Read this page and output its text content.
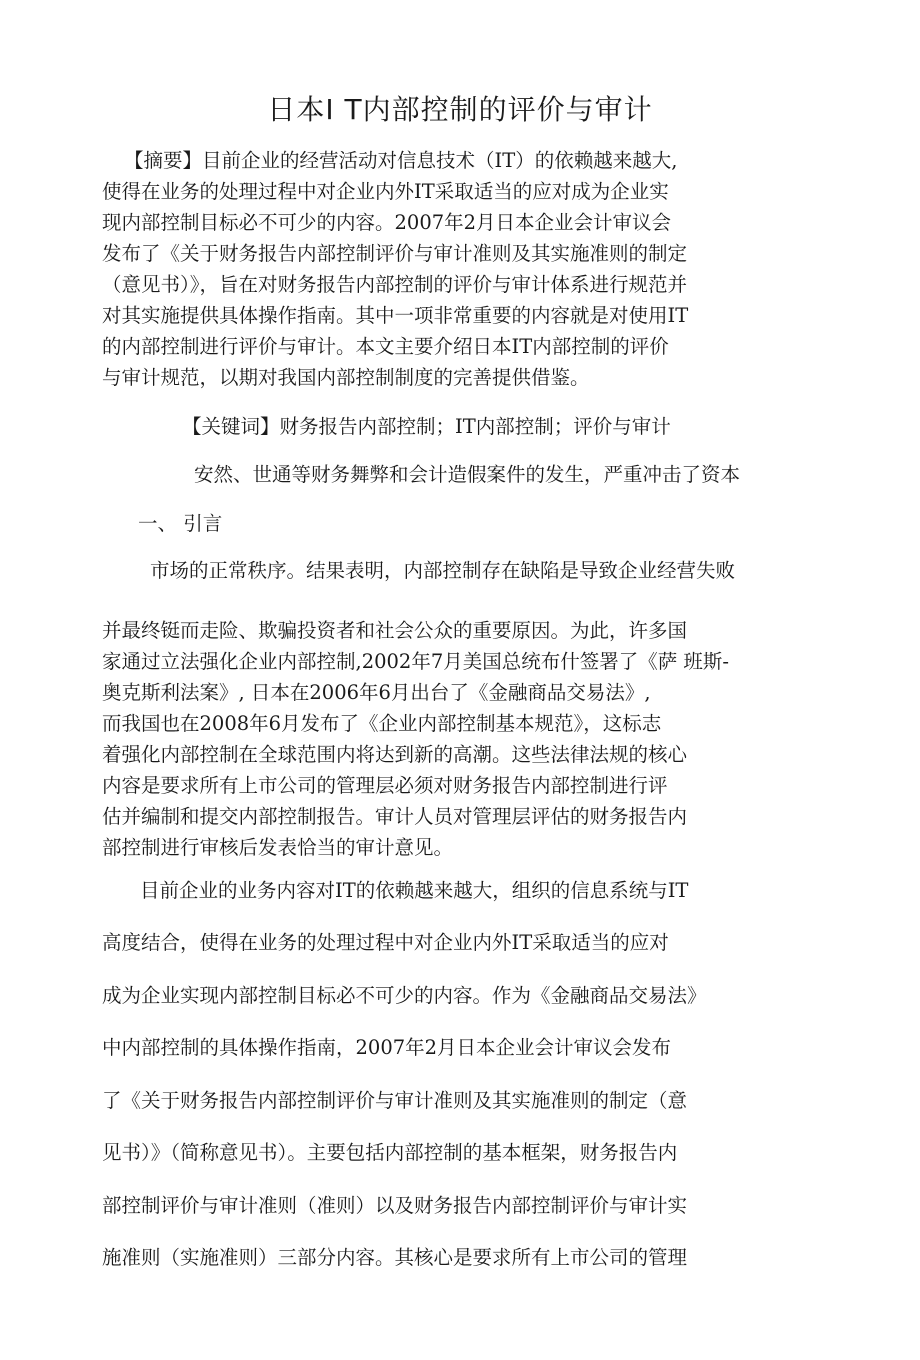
日本I T内部控制的评价与审计

【摘要】目前企业的经营活动对信息技术（IT）的依赖越来越大,

使得在业务的处理过程中对企业内外IT采取适当的应对成为企业实

现内部控制目标必不可少的内容。2007年2月日本企业会计审议会

发布了《关于财务报告内部控制评价与审计准则及其实施准则的制定

（意见书）》，旨在对财务报告内部控制的评价与审计体系进行规范并

对其实施提供具体操作指南。其中一项非常重要的内容就是对使用IT

的内部控制进行评价与审计。本文主要介绍日本IT内部控制的评价

与审计规范，以期对我国内部控制制度的完善提供借鉴。

【关键词】财务报告内部控制；IT内部控制；评价与审计

安然、世通等财务舞弊和会计造假案件的发生，严重冲击了资本

一、 引言

市场的正常秩序。结果表明，内部控制存在缺陷是导致企业经营失败

并最终铤而走险、欺骗投资者和社会公众的重要原因。为此，许多国

家通过立法强化企业内部控制,2002年7月美国总统布什签署了《萨 班斯-

奥克斯利法案》, 日本在2006年6月出台了《金融商品交易法》,

而我国也在2008年6月发布了《企业内部控制基本规范》，这标志

着强化内部控制在全球范围内将达到新的高潮。这些法律法规的核心

内容是要求所有上市公司的管理层必须对财务报告内部控制进行评

估并编制和提交内部控制报告。审计人员对管理层评估的财务报告内

部控制进行审核后发表恰当的审计意见。

目前企业的业务内容对IT的依赖越来越大，组织的信息系统与IT

高度结合，使得在业务的处理过程中对企业内外IT采取适当的应对

成为企业实现内部控制目标必不可少的内容。作为《金融商品交易法》

中内部控制的具体操作指南，2007年2月日本企业会计审议会发布

了《关于财务报告内部控制评价与审计准则及其实施准则的制定（意

见书）》（简称意见书）。主要包括内部控制的基本框架，财务报告内

部控制评价与审计准则（准则）以及财务报告内部控制评价与审计实

施准则（实施准则）三部分内容。其核心是要求所有上市公司的管理
